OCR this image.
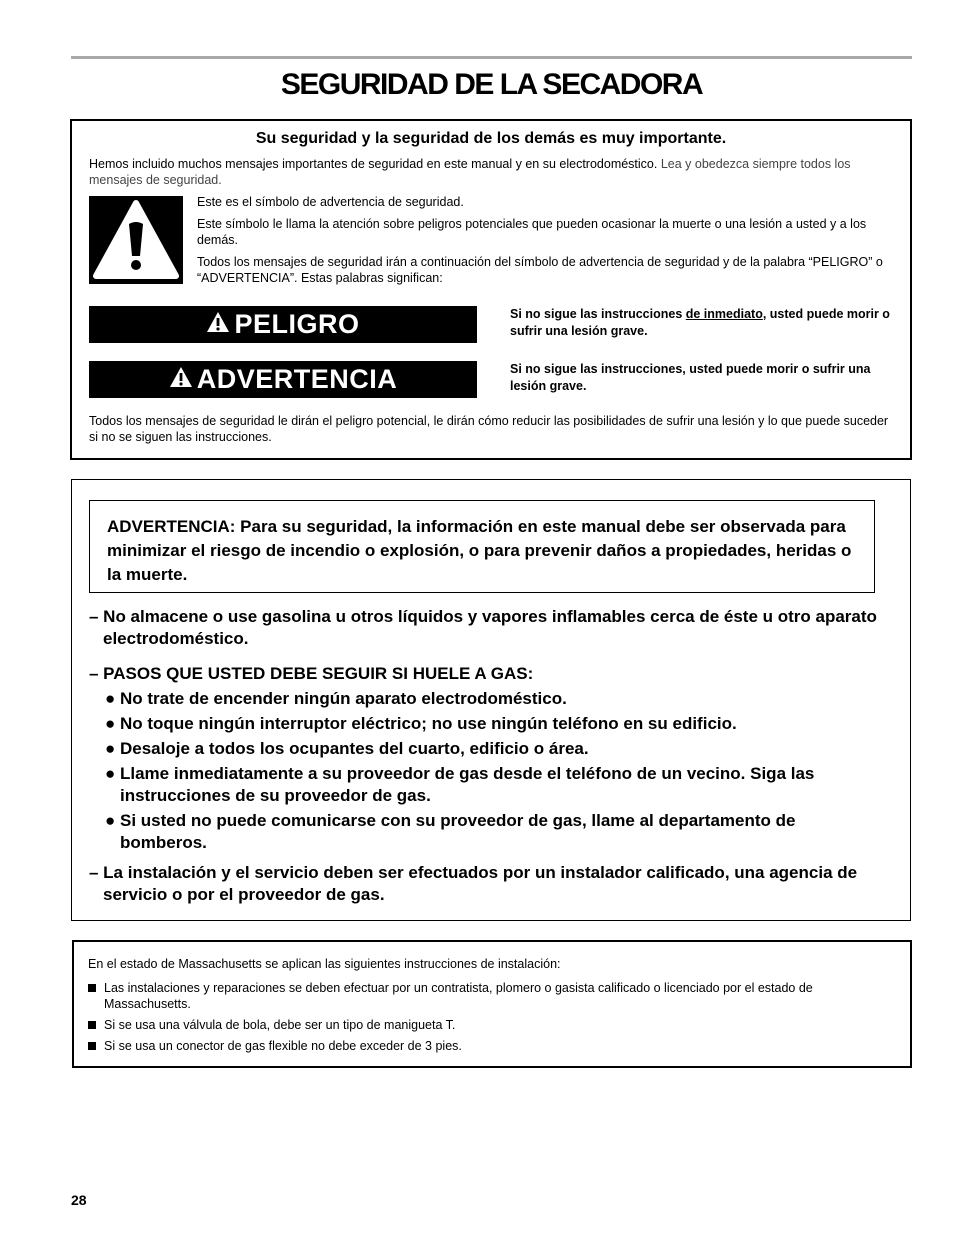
SEGURIDAD DE LA SECADORA

Su seguridad y la seguridad de los demás es muy importante.

Hemos incluido muchos mensajes importantes de seguridad en este manual y en su electrodoméstico. Lea y obedezca siempre todos los mensajes de seguridad.

Este es el símbolo de advertencia de seguridad.

Este símbolo le llama la atención sobre peligros potenciales que pueden ocasionar la muerte o una lesión a usted y a los demás.

Todos los mensajes de seguridad irán a continuación del símbolo de advertencia de seguridad y de la palabra “PELIGRO” o “ADVERTENCIA”. Estas palabras significan:

PELIGRO	Si no sigue las instrucciones de inmediato, usted puede morir o sufrir una lesión grave.

ADVERTENCIA	Si no sigue las instrucciones, usted puede morir o sufrir una lesión grave.

Todos los mensajes de seguridad le dirán el peligro potencial, le dirán cómo reducir las posibilidades de sufrir una lesión y lo que puede suceder si no se siguen las instrucciones.

ADVERTENCIA: Para su seguridad, la información en este manual debe ser observada para minimizar el riesgo de incendio o explosión, o para prevenir daños a propiedades, heridas o la muerte.

– No almacene o use gasolina u otros líquidos y vapores inflamables cerca de éste u otro aparato electrodoméstico.

– PASOS QUE USTED DEBE SEGUIR SI HUELE A GAS:

● No trate de encender ningún aparato electrodoméstico.
● No toque ningún interruptor eléctrico; no use ningún teléfono en su edificio.
● Desaloje a todos los ocupantes del cuarto, edificio o área.
● Llame inmediatamente a su proveedor de gas desde el teléfono de un vecino. Siga las instrucciones de su proveedor de gas.
● Si usted no puede comunicarse con su proveedor de gas, llame al departamento de bomberos.

– La instalación y el servicio deben ser efectuados por un instalador calificado, una agencia de servicio o por el proveedor de gas.

En el estado de Massachusetts se aplican las siguientes instrucciones de instalación:

Las instalaciones y reparaciones se deben efectuar por un contratista, plomero o gasista calificado o licenciado por el estado de Massachusetts.
Si se usa una válvula de bola, debe ser un tipo de manigueta T.
Si se usa un conector de gas flexible no debe exceder de 3 pies.
28
